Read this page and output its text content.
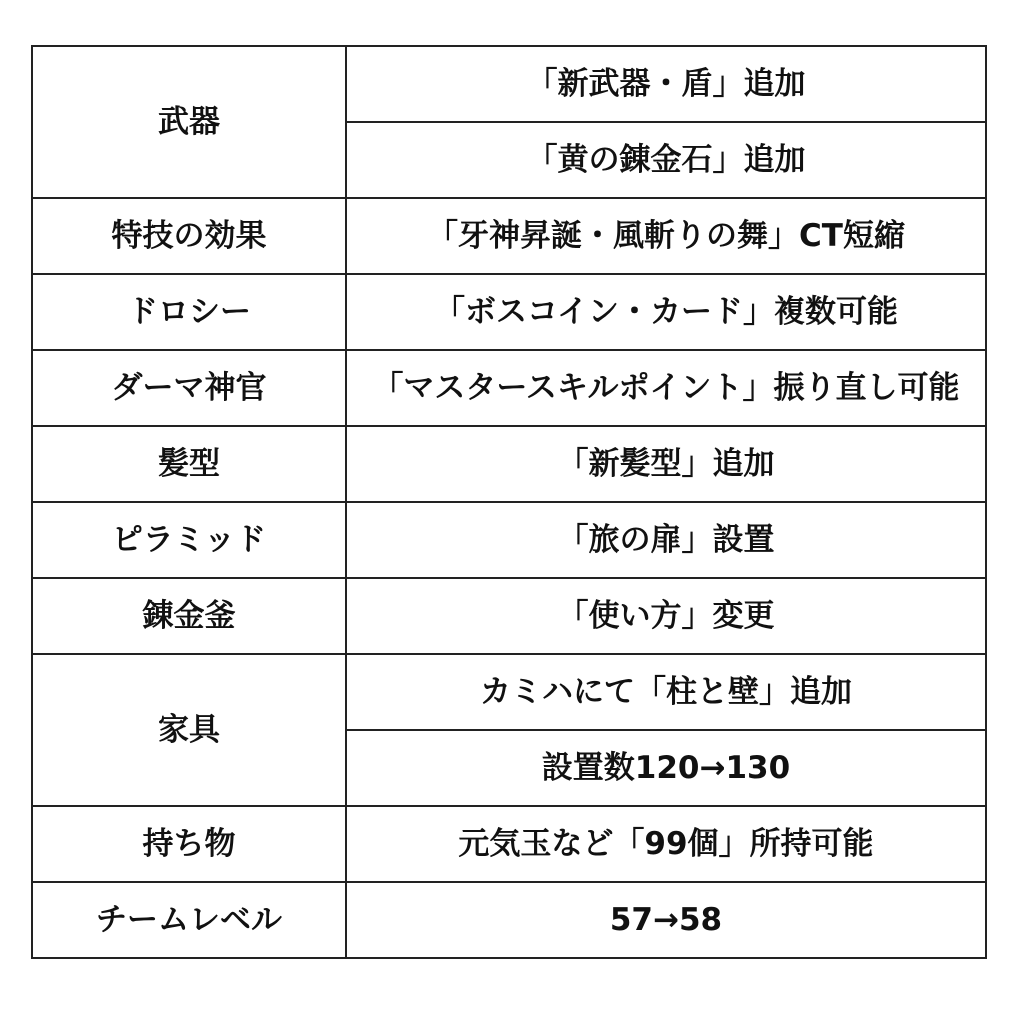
武器	「新武器・盾」追加
	「黄の錬金石」追加
特技の効果	「牙神昇誕・風斬りの舞」CT短縮
ドロシー	「ボスコイン・カード」複数可能
ダーマ神官	「マスタースキルポイント」振り直し可能
髪型	「新髪型」追加
ピラミッド	「旅の扉」設置
錬金釜	「使い方」変更
家具	カミハにて「柱と壁」追加
	設置数120→130
持ち物	元気玉など「99個」所持可能
チームレベル	57→58
